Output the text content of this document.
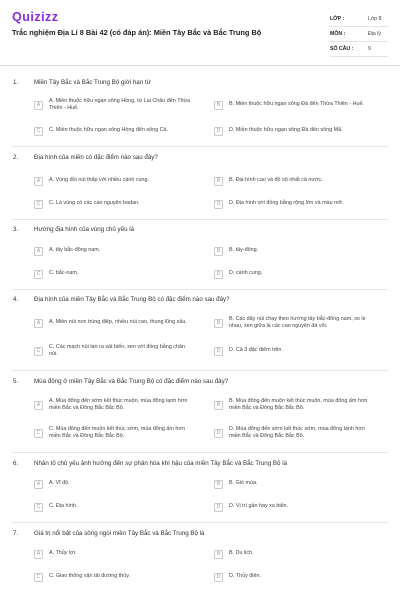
Quizizz
Trắc nghiệm Địa Lí 8 Bài 42 (có đáp án): Miền Tây Bắc và Bắc Trung Bộ
LỚP :	Lớp 8
MÔN :	Địa lý
SỐ CÂU :	9
1.	Miền Tây Bắc và Bắc Trung Bộ giới hạn từ
A
A. Miền thuộc hữu ngạn sông Hồng, từ Lai Châu đến Thừa Thiên - Huế.	B	B. Miền thuộc hữu ngạn sông Đà đến Thừa Thiên - Huế.
C	C. Miền thuộc hữu ngạn sông Hồng đến sông Cả.	D	D. Miền thuộc hữu ngạn sông Đà đến sông Mã.
2.	Địa hình của miền có đặc điểm nào sau đây?
A	A. Vùng đồi núi thấp với nhiều cánh cung.	B	B. Địa hình cao và đồ sộ nhất cả nước.
C	C. Là vùng có các cao nguyên badan.	D	D. Địa hình với đồng bằng rộng lớn và màu mỡ.
3.	Hướng địa hình của vùng chủ yếu là
A	A. tây bắc-đông nam.	B	B. tây-đông.
C	C. bắc-nam.	D	D. cánh cung.
4.	Địa hình của miền Tây Bắc và Bắc Trung Bộ có đặc điểm nào sau đây?
A	A. Miền núi non trùng điệp, nhiều núi cao, thung lũng sâu.	B
B. Các dãy núi chạy theo hướng tây bắc-đông nam, so le nhau, xen giữa là các cao nguyên đá vôi.
C
C. Các mạch núi lan ra sát biển, xen với đồng bằng chân núi.	D	D. Cả 3 đặc điểm trên.
5.	Mùa đông ở miền Tây Bắc và Bắc Trung Bộ có đặc điểm nào sau đây?
A
A. Mùa đông đến sớm kết thúc muộn, mùa đông lạnh hơn miền Bắc và Đông Bắc Bắc Bộ.	B
B. Mùa đông đến muộn kết thúc muộn, mùa đông ấm hơn miền Bắc và Đông Bắc Bắc Bộ.
C
C. Mùa đông đến muộn kết thúc sớm, mùa đông ấm hơn miền Bắc và Đông Bắc Bắc Bộ.	D
D. Mùa đông đến sớm kết thúc sớm, mùa đông lạnh hơn miền Bắc và Đông Bắc Bắc Bộ.
6.	Nhân tố chủ yếu ảnh hưởng đến sự phân hóa khí hậu của miền Tây Bắc và Bắc Trung Bộ là
A	A. Vĩ độ.	B	B. Gió mùa.
C	C. Địa hình.	D	D. Vị trí gần hay xa biển.
7.	Giá trị nổi bật của sông ngòi miền Tây Bắc và Bắc Trung Bộ là
A	A. Thủy lợi.	B	B. Du lịch.
C	C. Giao thông vận tải đường thủy.	D	D. Thủy điện.
